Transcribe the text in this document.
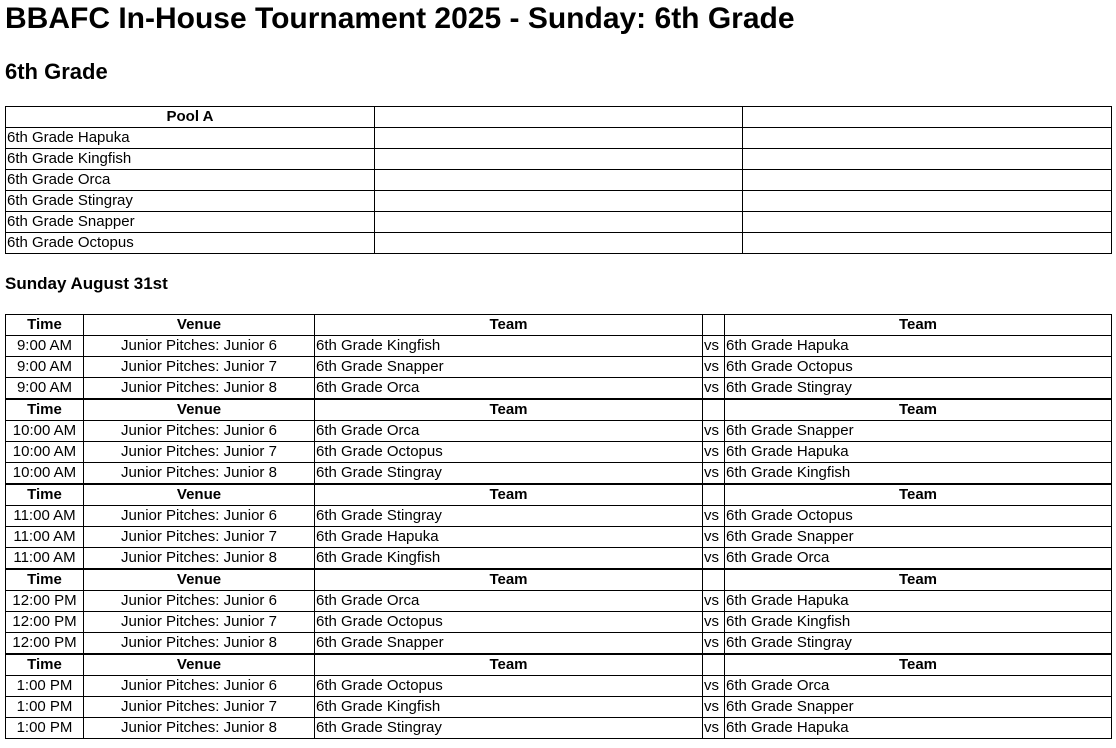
BBAFC In-House Tournament 2025 - Sunday: 6th Grade
6th Grade
Pool A		
6th Grade Hapuka		
6th Grade Kingfish		
6th Grade Orca		
6th Grade Stingray		
6th Grade Snapper		
6th Grade Octopus		
Sunday August 31st
Time	Venue	Team		Team
9:00 AM	Junior Pitches: Junior 6	6th Grade Kingfish	vs	6th Grade Hapuka
9:00 AM	Junior Pitches: Junior 7	6th Grade Snapper	vs	6th Grade Octopus
9:00 AM	Junior Pitches: Junior 8	6th Grade Orca	vs	6th Grade Stingray
Time	Venue	Team		Team
10:00 AM	Junior Pitches: Junior 6	6th Grade Orca	vs	6th Grade Snapper
10:00 AM	Junior Pitches: Junior 7	6th Grade Octopus	vs	6th Grade Hapuka
10:00 AM	Junior Pitches: Junior 8	6th Grade Stingray	vs	6th Grade Kingfish
Time	Venue	Team		Team
11:00 AM	Junior Pitches: Junior 6	6th Grade Stingray	vs	6th Grade Octopus
11:00 AM	Junior Pitches: Junior 7	6th Grade Hapuka	vs	6th Grade Snapper
11:00 AM	Junior Pitches: Junior 8	6th Grade Kingfish	vs	6th Grade Orca
Time	Venue	Team		Team
12:00 PM	Junior Pitches: Junior 6	6th Grade Orca	vs	6th Grade Hapuka
12:00 PM	Junior Pitches: Junior 7	6th Grade Octopus	vs	6th Grade Kingfish
12:00 PM	Junior Pitches: Junior 8	6th Grade Snapper	vs	6th Grade Stingray
Time	Venue	Team		Team
1:00 PM	Junior Pitches: Junior 6	6th Grade Octopus	vs	6th Grade Orca
1:00 PM	Junior Pitches: Junior 7	6th Grade Kingfish	vs	6th Grade Snapper
1:00 PM	Junior Pitches: Junior 8	6th Grade Stingray	vs	6th Grade Hapuka
